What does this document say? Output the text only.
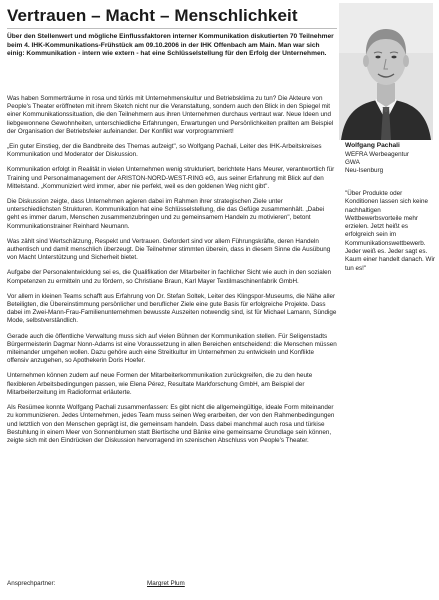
Vertrauen – Macht – Menschlichkeit

Über den Stellenwert und mögliche Einflussfaktoren interner Kommunikation diskutierten 70 Teilnehmer beim 4. IHK-Kommunikations-Frühstück am 09.10.2006 in der IHK Offenbach am Main. Man war sich einig: Kommunikation - intern wie extern - hat eine Schlüsselstellung für den Erfolg der Unternehmen.

Was haben Sommerträume in rosa und türkis mit Unternehmenskultur und Betriebsklima zu tun? Die Akteure von People's Theater eröffneten mit ihrem Sketch nicht nur die Veranstaltung, sondern auch den Blick in den Spiegel mit einer Kommunikationssituation, die den Teilnehmern aus ihren Unternehmen durchaus vertraut war. Neue Ideen und liebgewonnene Gewohnheiten, unterschiedliche Erfahrungen, Erwartungen und Persönlichkeiten prallten am Beispiel der Organisation der Betriebsfeier aufeinander. Der Konflikt war vorprogrammiert!

„Ein guter Einstieg, der die Bandbreite des Themas aufzeigt", so Wolfgang Pachali, Leiter des IHK-Arbeitskreises Kommunikation und Moderator der Diskussion.

Kommunikation erfolgt in Realität in vielen Unternehmen wenig strukturiert, berichtete Hans Meurer, verantwortlich für Training und Personalmanagement der ARISTON-NORD-WEST-RING eG, aus seiner Erfahrung mit Blick auf den Mittelstand. „Kommuniziert wird immer, aber nie perfekt, weil es den goldenen Weg nicht gibt".

Die Diskussion zeigte, dass Unternehmen agieren dabei im Rahmen ihrer strategischen Ziele unter unterschiedlichsten Strukturen. Kommunikation hat eine Schlüsselstellung, die das Gefüge zusammenhält. „Dabei geht es immer darum, Menschen zusammenzubringen und zu gemeinsamem Handeln zu motivieren", betont Kommunikationstrainer Reinhard Neumann.

Was zählt sind Wertschätzung, Respekt und Vertrauen. Gefordert sind vor allem Führungskräfte, deren Handeln authentisch und damit menschlich überzeugt. Die Teilnehmer stimmten überein, dass in diesem Sinne die Ausübung von Macht Unterstützung und Sicherheit bietet.

Aufgabe der Personalentwicklung sei es, die Qualifikation der Mitarbeiter in fachlicher Sicht wie auch in den sozialen Kompetenzen zu ermitteln und zu fördern, so Christiane Braun, Karl Mayer Textilmaschinenfabrik GmbH.

Vor allem in kleinen Teams schafft aus Erfahrung von Dr. Stefan Soltek, Leiter des Klingspor-Museums, die Nähe aller Beteiligten, die Übereinstimmung persönlicher und beruflicher Ziele eine gute Basis für erfolgreiche Projekte. Dass dabei im Zwei-Mann-Frau-Familienunternehmen bewusste Auszeiten notwendig sind, ist für Michael Lamann, Sündige Mode, selbstverständlich.

Gerade auch die öffentliche Verwaltung muss sich auf vielen Bühnen der Kommunikation stellen. Für Seligenstadts Bürgermeisterin Dagmar Nonn-Adams ist eine Voraussetzung in allen Bereichen entscheidend: die Menschen müssen miteinander umgehen wollen. Dazu gehöre auch eine Streitkultur im Unternehmen zu entwickeln und Konflikte offensiv anzugehen, so Apothekerin Doris Hoefer.

Unternehmen können zudem auf neue Formen der Mitarbeiterkommunikation zurückgreifen, die zu den heute flexibleren Arbeitsbedingungen passen, wie Elena Pérez, Resultate Markforschung GmbH, am Beispiel der Mitarbeiterzeitung im Radioformat erläuterte.

Als Resümee konnte Wolfgang Pachali zusammenfassen: Es gibt nicht die allgemeingültige, ideale Form miteinander zu kommunizieren. Jedes Unternehmen, jedes Team muss seinen Weg erarbeiten, der von den Rahmenbedingungen und letztlich von den Menschen geprägt ist, die gemeinsam handeln. Dass dabei manchmal auch rosa und türkise Bestuhlung in einem Meer von Sonnenblumen statt Biertische und Bänke eine gemeinsame Grundlage sein können, zeigte sich mit den Eindrücken der Diskussion hervorragend im szenischen Abschluss von People's Theater.

Ansprechpartner:	Margret Plum
Wolfgang Pachali
WEFRA Werbeagentur
GWA
Neu-Isenburg
"Über Produkte oder Konditionen lassen sich keine nachhaltigen Wettbewerbsvorteile mehr erzielen. Jetzt heißt es erfolgreich sein im Kommunikationswettbewerb. Jeder weiß es. Jeder sagt es. Kaum einer handelt danach. Wir tun es!"
